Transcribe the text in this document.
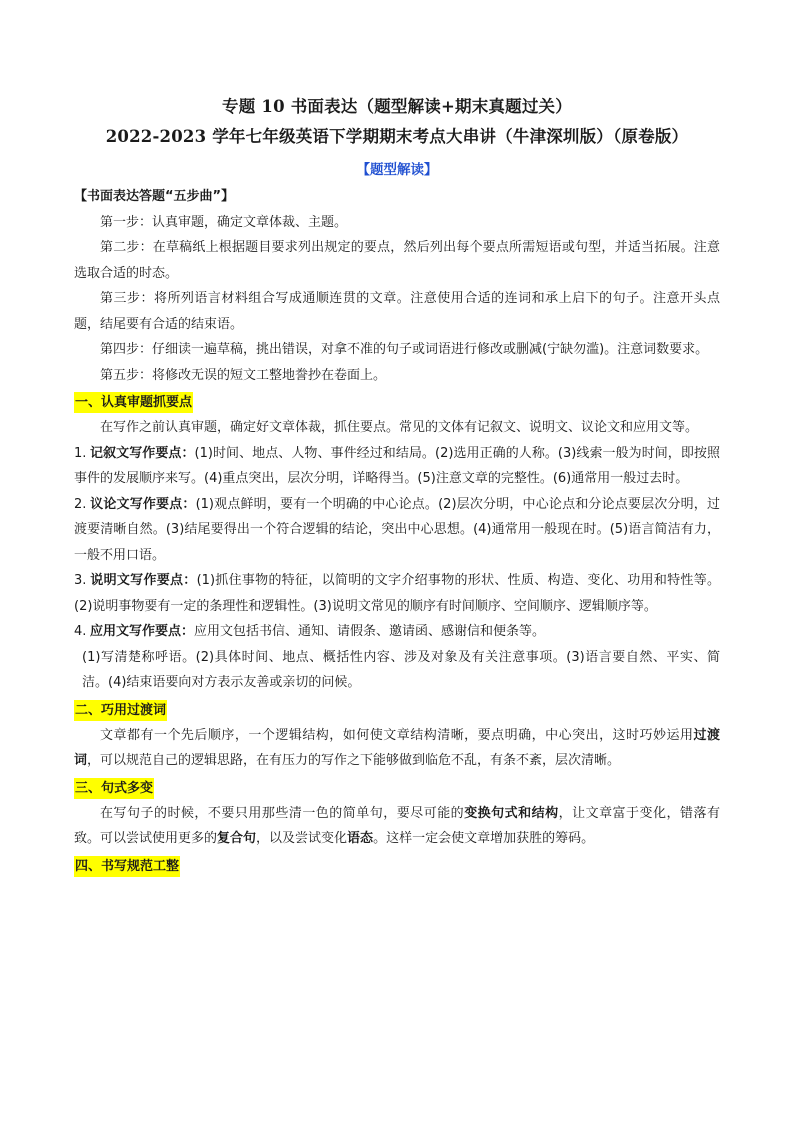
专题 10 书面表达（题型解读+期末真题过关）
2022-2023 学年七年级英语下学期期末考点大串讲（牛津深圳版）（原卷版）
【题型解读】

【书面表达答题“五步曲”】

第一步：认真审题，确定文章体裁、主题。

第二步：在草稿纸上根据题目要求列出规定的要点，然后列出每个要点所需短语或句型，并适当拓展。注意选取合适的时态。

第三步：将所列语言材料组合写成通顺连贯的文章。注意使用合适的连词和承上启下的句子。注意开头点题，结尾要有合适的结束语。

第四步：仔细读一遍草稿，挑出错误，对拿不准的句子或词语进行修改或删减(宁缺勿滥)。注意词数要求。

第五步：将修改无误的短文工整地誊抄在卷面上。

一、认真审题抓要点

在写作之前认真审题，确定好文章体裁，抓住要点。常见的文体有记叙文、说明文、议论文和应用文等。

1. 记叙文写作要点：(1)时间、地点、人物、事件经过和结局。(2)选用正确的人称。(3)线索一般为时间，即按照事件的发展顺序来写。(4)重点突出，层次分明，详略得当。(5)注意文章的完整性。(6)通常用一般过去时。

2. 议论文写作要点：(1)观点鲜明，要有一个明确的中心论点。(2)层次分明，中心论点和分论点要层次分明，过渡要清晰自然。(3)结尾要得出一个符合逻辑的结论，突出中心思想。(4)通常用一般现在时。(5)语言简洁有力，一般不用口语。

3. 说明文写作要点：(1)抓住事物的特征，以简明的文字介绍事物的形状、性质、构造、变化、功用和特性等。(2)说明事物要有一定的条理性和逻辑性。(3)说明文常见的顺序有时间顺序、空间顺序、逻辑顺序等。

4. 应用文写作要点：应用文包括书信、通知、请假条、邀请函、感谢信和便条等。

(1)写清楚称呼语。(2)具体时间、地点、概括性内容、涉及对象及有关注意事项。(3)语言要自然、平实、简洁。(4)结束语要向对方表示友善或亲切的问候。

二、巧用过渡词

文章都有一个先后顺序，一个逻辑结构，如何使文章结构清晰，要点明确，中心突出，这时巧妙运用过渡词，可以规范自己的逻辑思路，在有压力的写作之下能够做到临危不乱，有条不紊，层次清晰。

三、句式多变

在写句子的时候，不要只用那些清一色的简单句，要尽可能的变换句式和结构，让文章富于变化，错落有致。可以尝试使用更多的复合句，以及尝试变化语态。这样一定会使文章增加获胜的筹码。

四、书写规范工整
